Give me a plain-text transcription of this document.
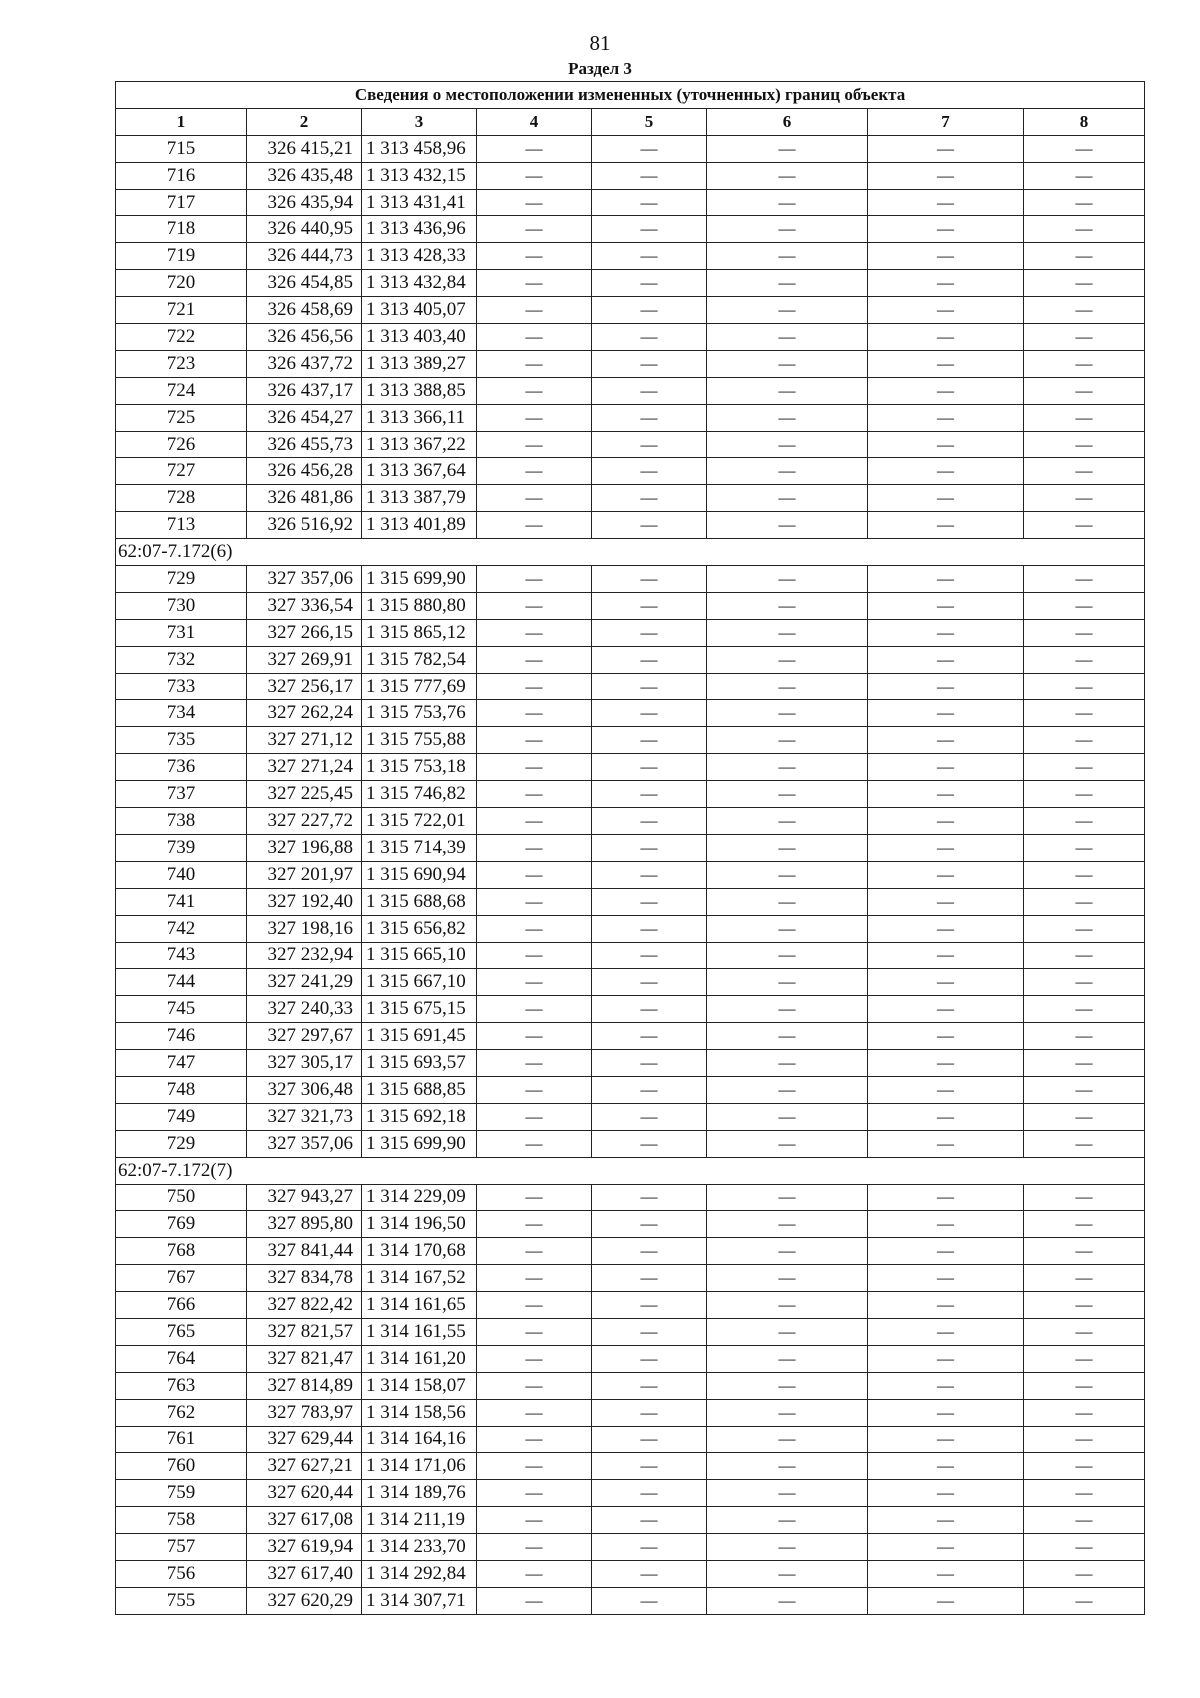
81
Раздел 3
Сведения о местоположении измененных (уточненных) границ объекта							
1	2	3	4	5	6	7	8
715	326 415,21	1 313 458,96	—	—	—	—	—
716	326 435,48	1 313 432,15	—	—	—	—	—
717	326 435,94	1 313 431,41	—	—	—	—	—
718	326 440,95	1 313 436,96	—	—	—	—	—
719	326 444,73	1 313 428,33	—	—	—	—	—
720	326 454,85	1 313 432,84	—	—	—	—	—
721	326 458,69	1 313 405,07	—	—	—	—	—
722	326 456,56	1 313 403,40	—	—	—	—	—
723	326 437,72	1 313 389,27	—	—	—	—	—
724	326 437,17	1 313 388,85	—	—	—	—	—
725	326 454,27	1 313 366,11	—	—	—	—	—
726	326 455,73	1 313 367,22	—	—	—	—	—
727	326 456,28	1 313 367,64	—	—	—	—	—
728	326 481,86	1 313 387,79	—	—	—	—	—
713	326 516,92	1 313 401,89	—	—	—	—	—
62:07-7.172(6)							
729	327 357,06	1 315 699,90	—	—	—	—	—
730	327 336,54	1 315 880,80	—	—	—	—	—
731	327 266,15	1 315 865,12	—	—	—	—	—
732	327 269,91	1 315 782,54	—	—	—	—	—
733	327 256,17	1 315 777,69	—	—	—	—	—
734	327 262,24	1 315 753,76	—	—	—	—	—
735	327 271,12	1 315 755,88	—	—	—	—	—
736	327 271,24	1 315 753,18	—	—	—	—	—
737	327 225,45	1 315 746,82	—	—	—	—	—
738	327 227,72	1 315 722,01	—	—	—	—	—
739	327 196,88	1 315 714,39	—	—	—	—	—
740	327 201,97	1 315 690,94	—	—	—	—	—
741	327 192,40	1 315 688,68	—	—	—	—	—
742	327 198,16	1 315 656,82	—	—	—	—	—
743	327 232,94	1 315 665,10	—	—	—	—	—
744	327 241,29	1 315 667,10	—	—	—	—	—
745	327 240,33	1 315 675,15	—	—	—	—	—
746	327 297,67	1 315 691,45	—	—	—	—	—
747	327 305,17	1 315 693,57	—	—	—	—	—
748	327 306,48	1 315 688,85	—	—	—	—	—
749	327 321,73	1 315 692,18	—	—	—	—	—
729	327 357,06	1 315 699,90	—	—	—	—	—
62:07-7.172(7)							
750	327 943,27	1 314 229,09	—	—	—	—	—
769	327 895,80	1 314 196,50	—	—	—	—	—
768	327 841,44	1 314 170,68	—	—	—	—	—
767	327 834,78	1 314 167,52	—	—	—	—	—
766	327 822,42	1 314 161,65	—	—	—	—	—
765	327 821,57	1 314 161,55	—	—	—	—	—
764	327 821,47	1 314 161,20	—	—	—	—	—
763	327 814,89	1 314 158,07	—	—	—	—	—
762	327 783,97	1 314 158,56	—	—	—	—	—
761	327 629,44	1 314 164,16	—	—	—	—	—
760	327 627,21	1 314 171,06	—	—	—	—	—
759	327 620,44	1 314 189,76	—	—	—	—	—
758	327 617,08	1 314 211,19	—	—	—	—	—
757	327 619,94	1 314 233,70	—	—	—	—	—
756	327 617,40	1 314 292,84	—	—	—	—	—
755	327 620,29	1 314 307,71	—	—	—	—	—
